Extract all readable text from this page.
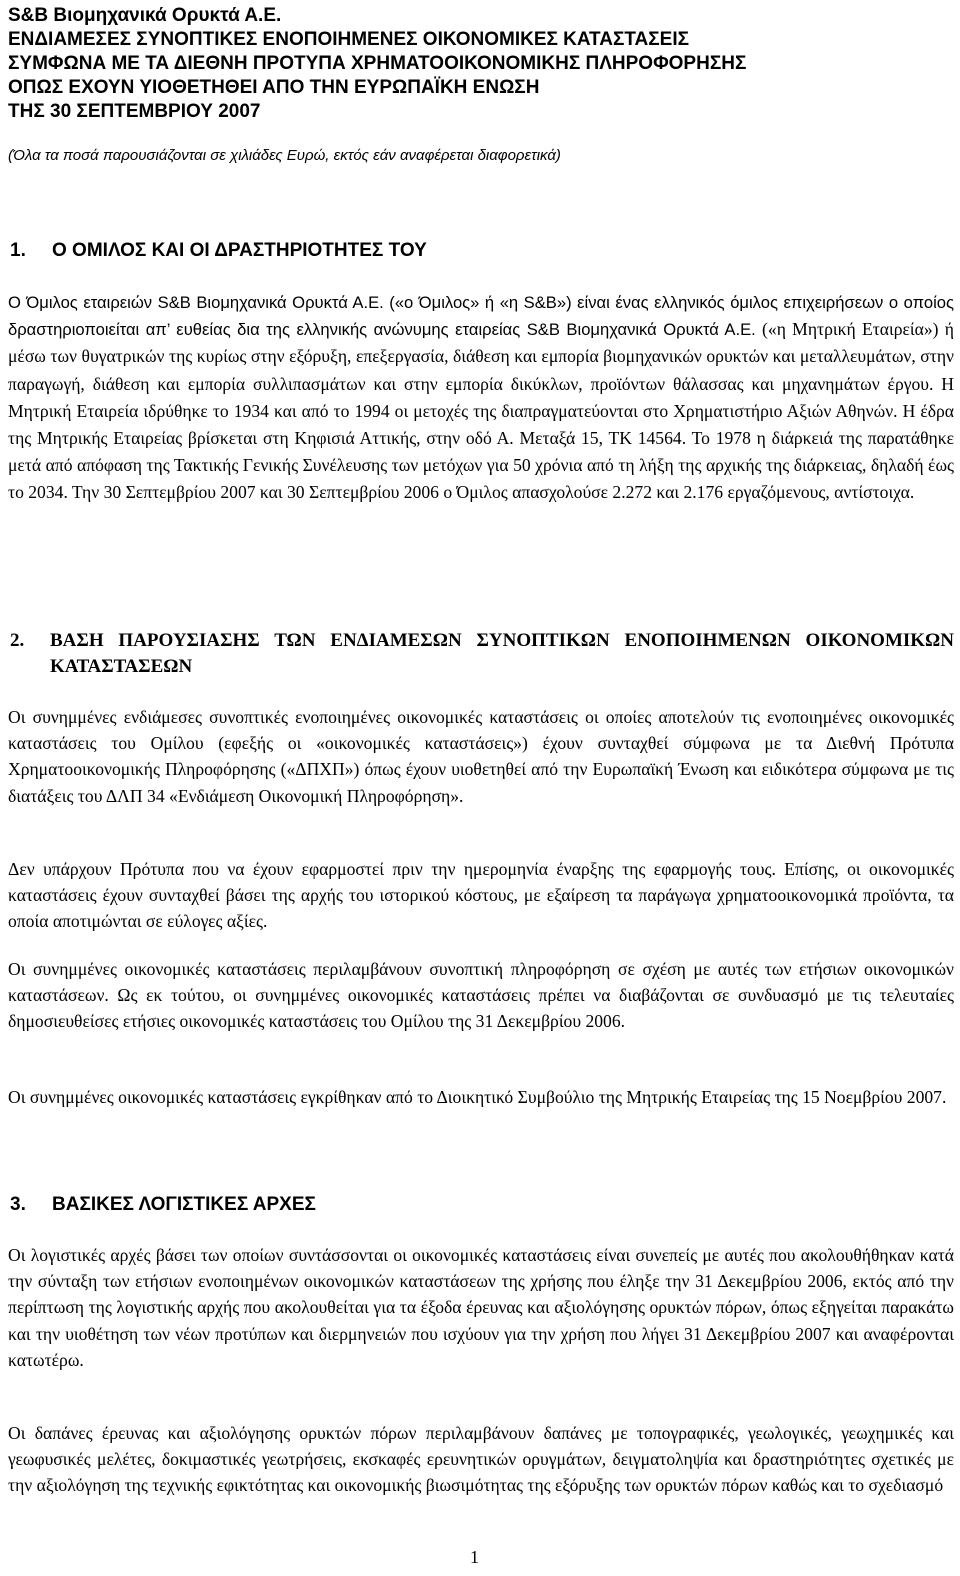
S&B Βιομηχανικά Ορυκτά Α.Ε.
ΕΝΔΙΑΜΕΣΕΣ ΣΥΝΟΠΤΙΚΕΣ ΕΝΟΠΟΙΗΜΕΝΕΣ ΟΙΚΟΝΟΜΙΚΕΣ ΚΑΤΑΣΤΑΣΕΙΣ
ΣΥΜΦΩΝΑ ΜΕ ΤΑ ΔΙΕΘΝΗ ΠΡΟΤΥΠΑ ΧΡΗΜΑΤΟΟΙΚΟΝΟΜΙΚΗΣ ΠΛΗΡΟΦΟΡΗΣΗΣ
ΟΠΩΣ ΕΧΟΥΝ ΥΙΟΘΕΤΗΘΕΙ ΑΠΟ ΤΗΝ ΕΥΡΩΠΑΪΚΗ ΕΝΩΣΗ
ΤΗΣ 30 ΣΕΠΤΕΜΒΡΙΟΥ 2007
(Όλα τα ποσά παρουσιάζονται σε χιλιάδες Ευρώ, εκτός εάν αναφέρεται διαφορετικά)
1. Ο ΟΜΙΛΟΣ ΚΑΙ ΟΙ ΔΡΑΣΤΗΡΙΟΤΗΤΕΣ ΤΟΥ

Ο Όμιλος εταιρειών S&B Βιομηχανικά Ορυκτά Α.Ε. («ο Όμιλος» ή «η S&B») είναι ένας ελληνικός όμιλος επιχειρήσεων ο οποίος δραστηριοποιείται απ’ ευθείας δια της ελληνικής ανώνυμης εταιρείας S&B Βιομηχανικά Ορυκτά Α.Ε. («η Μητρική Εταιρεία») ή μέσω των θυγατρικών της κυρίως στην εξόρυξη, επεξεργασία, διάθεση και εμπορία βιομηχανικών ορυκτών και μεταλλευμάτων, στην παραγωγή, διάθεση και εμπορία συλλιπασμάτων και στην εμπορία δικύκλων, προϊόντων θάλασσας και μηχανημάτων έργου. Η Μητρική Εταιρεία ιδρύθηκε το 1934 και από το 1994 οι μετοχές της διαπραγματεύονται στο Χρηματιστήριο Αξιών Αθηνών. Η έδρα της Μητρικής Εταιρείας βρίσκεται στη Κηφισιά Αττικής, στην οδό Α. Μεταξά 15, ΤΚ 14564. Το 1978 η διάρκειά της παρατάθηκε μετά από απόφαση της Τακτικής Γενικής Συνέλευσης των μετόχων για 50 χρόνια από τη λήξη της αρχικής της διάρκειας, δηλαδή έως το 2034. Την 30 Σεπτεμβρίου 2007 και 30 Σεπτεμβρίου 2006 ο Όμιλος απασχολούσε 2.272 και 2.176 εργαζόμενους, αντίστοιχα.

2. ΒΑΣΗ ΠΑΡΟΥΣΙΑΣΗΣ ΤΩΝ ΕΝΔΙΑΜΕΣΩΝ ΣΥΝΟΠΤΙΚΩΝ ΕΝΟΠΟΙΗΜΕΝΩΝ ΟΙΚΟΝΟΜΙΚΩΝ ΚΑΤΑΣΤΑΣΕΩΝ

Οι συνημμένες ενδιάμεσες συνοπτικές ενοποιημένες οικονομικές καταστάσεις οι οποίες αποτελούν τις ενοποιημένες οικονομικές καταστάσεις του Ομίλου (εφεξής οι «οικονομικές καταστάσεις») έχουν συνταχθεί σύμφωνα με τα Διεθνή Πρότυπα Χρηματοοικονομικής Πληροφόρησης («ΔΠΧΠ») όπως έχουν υιοθετηθεί από την Ευρωπαϊκή Ένωση και ειδικότερα σύμφωνα με τις διατάξεις του ΔΛΠ 34 «Ενδιάμεση Οικονομική Πληροφόρηση».

Δεν υπάρχουν Πρότυπα που να έχουν εφαρμοστεί πριν την ημερομηνία έναρξης της εφαρμογής τους. Επίσης, οι οικονομικές καταστάσεις έχουν συνταχθεί βάσει της αρχής του ιστορικού κόστους, με εξαίρεση τα παράγωγα χρηματοοικονομικά προϊόντα, τα οποία αποτιμώνται σε εύλογες αξίες.

Οι συνημμένες οικονομικές καταστάσεις περιλαμβάνουν συνοπτική πληροφόρηση σε σχέση με αυτές των ετήσιων οικονομικών καταστάσεων. Ως εκ τούτου, οι συνημμένες οικονομικές καταστάσεις πρέπει να διαβάζονται σε συνδυασμό με τις τελευταίες δημοσιευθείσες ετήσιες οικονομικές καταστάσεις του Ομίλου της 31 Δεκεμβρίου 2006.

Οι συνημμένες οικονομικές καταστάσεις εγκρίθηκαν από το Διοικητικό Συμβούλιο της Μητρικής Εταιρείας της 15 Νοεμβρίου 2007.

3. ΒΑΣΙΚΕΣ ΛΟΓΙΣΤΙΚΕΣ ΑΡΧΕΣ

Οι λογιστικές αρχές βάσει των οποίων συντάσσονται οι οικονομικές καταστάσεις είναι συνεπείς με αυτές που ακολουθήθηκαν κατά την σύνταξη των ετήσιων ενοποιημένων οικονομικών καταστάσεων της χρήσης που έληξε την 31 Δεκεμβρίου 2006, εκτός από την περίπτωση της λογιστικής αρχής που ακολουθείται για τα έξοδα έρευνας και αξιολόγησης ορυκτών πόρων, όπως εξηγείται παρακάτω και την υιοθέτηση των νέων προτύπων και διερμηνειών που ισχύουν για την χρήση που λήγει 31 Δεκεμβρίου 2007 και αναφέρονται κατωτέρω.

Οι δαπάνες έρευνας και αξιολόγησης ορυκτών πόρων περιλαμβάνουν δαπάνες με τοπογραφικές, γεωλογικές, γεωχημικές και γεωφυσικές μελέτες, δοκιμαστικές γεωτρήσεις, εκσκαφές ερευνητικών ορυγμάτων, δειγματοληψία και δραστηριότητες σχετικές με την αξιολόγηση της τεχνικής εφικτότητας και οικονομικής βιωσιμότητας της εξόρυξης των ορυκτών πόρων καθώς και το σχεδιασμό

1
